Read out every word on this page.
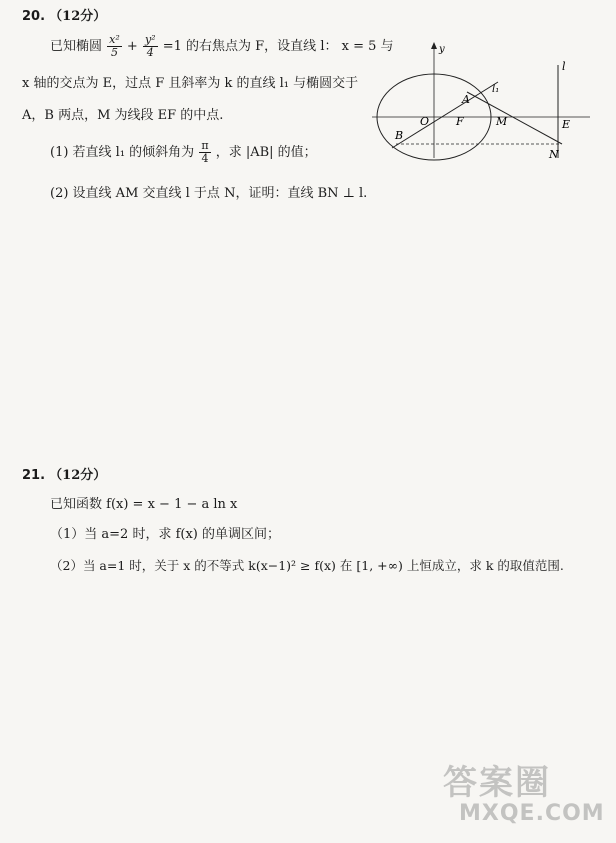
20. （12分）
已知椭圆 $\frac{\text{x²}}{5} + \frac{\text{y²}}{4} =1$ 的右焦点为 F，设直线 l： x = 5 与
x 轴的交点为 E，过点 F 且斜率为 k 的直线 l₁ 与椭圆交于
A，B 两点，M 为线段 EF 的中点.
(1) 若直线 l₁ 的倾斜角为 $\frac{\pi}{4}$ ，求 |AB| 的值；
(2) 设直线 AM 交直线 l 于点 N，证明：直线 BN ⊥ l.
y
l
l₁
A
B
O F	M	E
N
21. （12分）
已知函数 f(x) = x − 1 − a ln x
（1）当 a=2 时，求 f(x) 的单调区间；
（2）当 a=1 时，关于 x 的不等式 k(x−1)² ≥ f(x) 在 [1, +∞) 上恒成立，求 k 的取值范围.
答案圈
MXQE.COM
